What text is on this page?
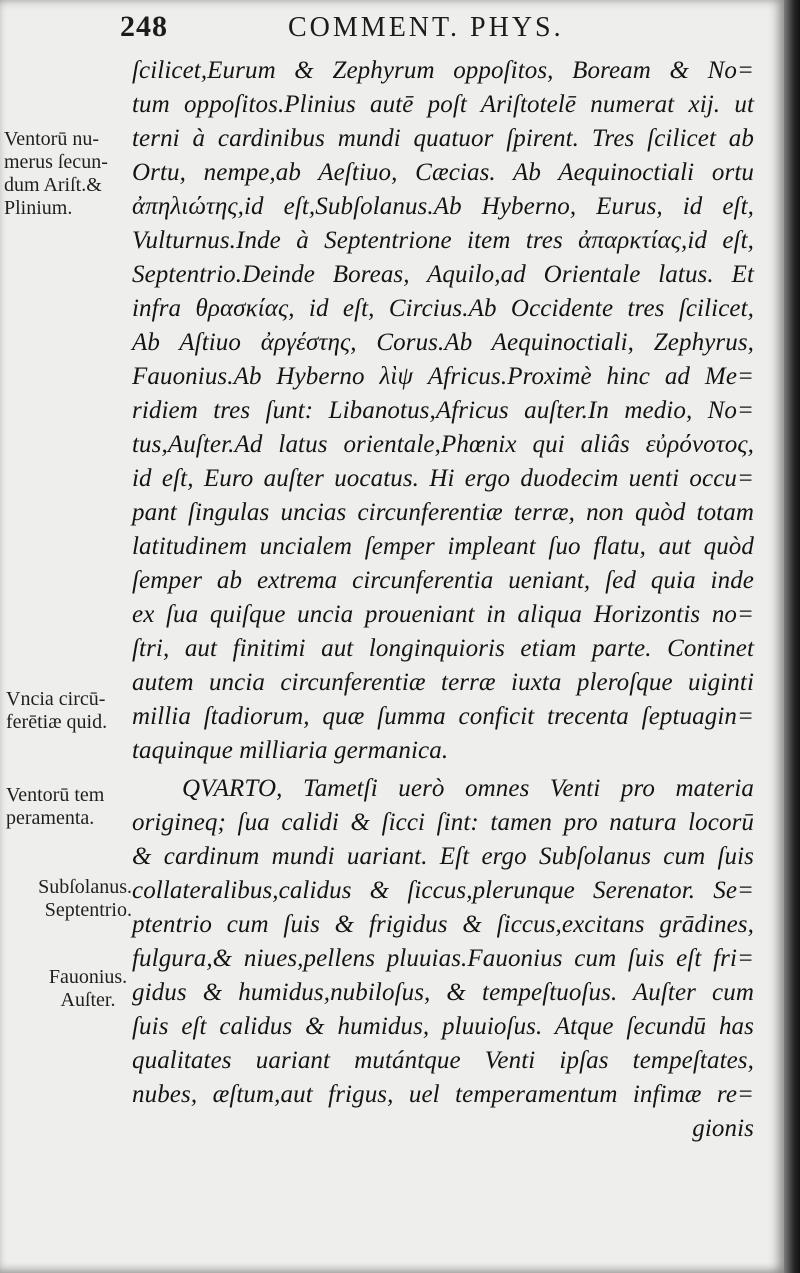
248	COMMENT. PHYS.
ſcilicet,Eurum & Zephyrum oppoſitos, Boream & No=
tum oppoſitos.Plinius autē poſt Ariſtotelē numerat xij. ut
terni à cardinibus mundi quatuor ſpirent. Tres ſcilicet ab
Ortu, nempe,ab Aeſtiuo, Cæcias. Ab Aequinoctiali ortu
ἀπηλιώτης,id eſt,Subſolanus.Ab Hyberno, Eurus, id eſt,
Vulturnus.Inde à Septentrione item tres ἀπαρκτίας,id eſt,
Septentrio.Deinde Boreas, Aquilo,ad Orientale latus. Et
infra θρασκίας, id eſt, Circius.Ab Occidente tres ſcilicet,
Ab Aſtiuo ἀργέστης, Corus.Ab Aequinoctiali, Zephyrus,
Fauonius.Ab Hyberno λὶψ Africus.Proximè hinc ad Me=
ridiem tres ſunt: Libanotus,Africus auſter.In medio, No=
tus,Auſter.Ad latus orientale,Phœnix qui aliâs εὐρόνοτος,
id eſt, Euro auſter uocatus. Hi ergo duodecim uenti occu=
pant ſingulas uncias circunferentiæ terræ, non quòd totam
latitudinem uncialem ſemper impleant ſuo flatu, aut quòd
ſemper ab extrema circunferentia ueniant, ſed quia inde
ex ſua quiſque uncia proueniant in aliqua Horizontis no=
ſtri, aut finitimi aut longinquioris etiam parte. Continet
autem uncia circunferentiæ terræ iuxta pleroſque uiginti
millia ſtadiorum, quæ ſumma conficit trecenta ſeptuagin=
taquinque milliaria germanica.
QVARTO, Tametſi uerò omnes Venti pro materia
origineq; ſua calidi & ſicci ſint: tamen pro natura locorū
& cardinum mundi uariant. Eſt ergo Subſolanus cum ſuis
collateralibus,calidus & ſiccus,plerunque Serenator. Se=
ptentrio cum ſuis & frigidus & ſiccus,excitans grādines,
fulgura,& niues,pellens pluuias.Fauonius cum ſuis eſt fri=
gidus & humidus,nubiloſus, & tempeſtuoſus. Auſter cum
ſuis eſt calidus & humidus, pluuioſus. Atque ſecundū has
qualitates uariant mutántque Venti ipſas tempeſtates,
nubes, æſtum,aut frigus, uel temperamentum infimæ re=
gionis
Ventorū nu-
merus ſecun-
dum Ariſt.&
Plinium.
Vncia circū-
ferētiæ quid.
Ventorū tem
peramenta.
Subſolanus.
Septentrio.
Fauonius.
Auſter.
